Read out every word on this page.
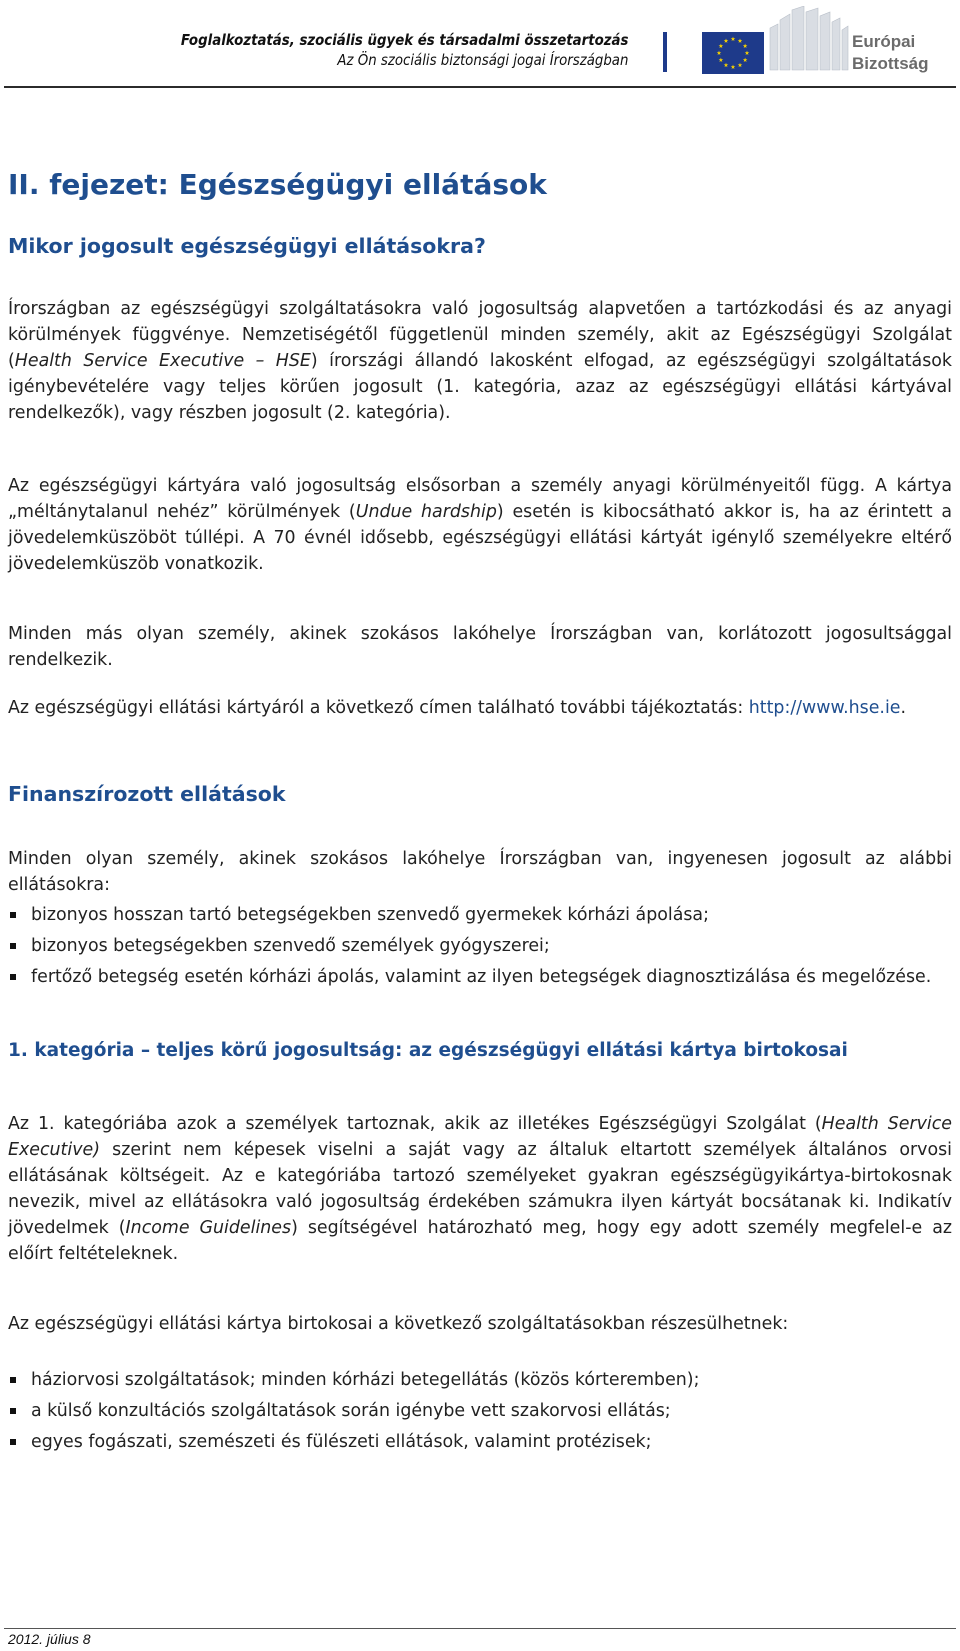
Foglalkoztatás, szociális ügyek és társadalmi összetartozás
Az Ön szociális biztonsági jogai Írországban
Európai
Bizottság
II. fejezet: Egészségügyi ellátások
Mikor jogosult egészségügyi ellátásokra?

Írországban az egészségügyi szolgáltatásokra való jogosultság alapvetően a tartózkodási és az anyagi körülmények függvénye. Nemzetiségétől függetlenül minden személy, akit az Egészségügyi Szolgálat (Health Service Executive – HSE) írországi állandó lakosként elfogad, az egészségügyi szolgáltatások igénybevételére vagy teljes körűen jogosult (1. kategória, azaz az egészségügyi ellátási kártyával rendelkezők), vagy részben jogosult (2. kategória).

Az egészségügyi kártyára való jogosultság elsősorban a személy anyagi körülményeitől függ. A kártya „méltánytalanul nehéz” körülmények (Undue hardship) esetén is kibocsátható akkor is, ha az érintett a jövedelemküszöböt túllépi. A 70 évnél idősebb, egészségügyi ellátási kártyát igénylő személyekre eltérő jövedelemküszöb vonatkozik.

Minden más olyan személy, akinek szokásos lakóhelye Írországban van, korlátozott jogosultsággal rendelkezik.

Az egészségügyi ellátási kártyáról a következő címen található további tájékoztatás: http://www.hse.ie.

Finanszírozott ellátások

Minden olyan személy, akinek szokásos lakóhelye Írországban van, ingyenesen jogosult az alábbi ellátásokra:

bizonyos hosszan tartó betegségekben szenvedő gyermekek kórházi ápolása;
bizonyos betegségekben szenvedő személyek gyógyszerei;
fertőző betegség esetén kórházi ápolás, valamint az ilyen betegségek diagnosztizálása és megelőzése.
1. kategória – teljes körű jogosultság: az egészségügyi ellátási kártya birtokosai

Az 1. kategóriába azok a személyek tartoznak, akik az illetékes Egészségügyi Szolgálat (Health Service Executive) szerint nem képesek viselni a saját vagy az általuk eltartott személyek általános orvosi ellátásának költségeit. Az e kategóriába tartozó személyeket gyakran egészségügyikártya-birtokosnak nevezik, mivel az ellátásokra való jogosultság érdekében számukra ilyen kártyát bocsátanak ki. Indikatív jövedelmek (Income Guidelines) segítségével határozható meg, hogy egy adott személy megfelel-e az előírt feltételeknek.

Az egészségügyi ellátási kártya birtokosai a következő szolgáltatásokban részesülhetnek:

háziorvosi szolgáltatások; minden kórházi betegellátás (közös kórteremben);
a külső konzultációs szolgáltatások során igénybe vett szakorvosi ellátás;
egyes fogászati, szemészeti és fülészeti ellátások, valamint protézisek;
2012. július 8
